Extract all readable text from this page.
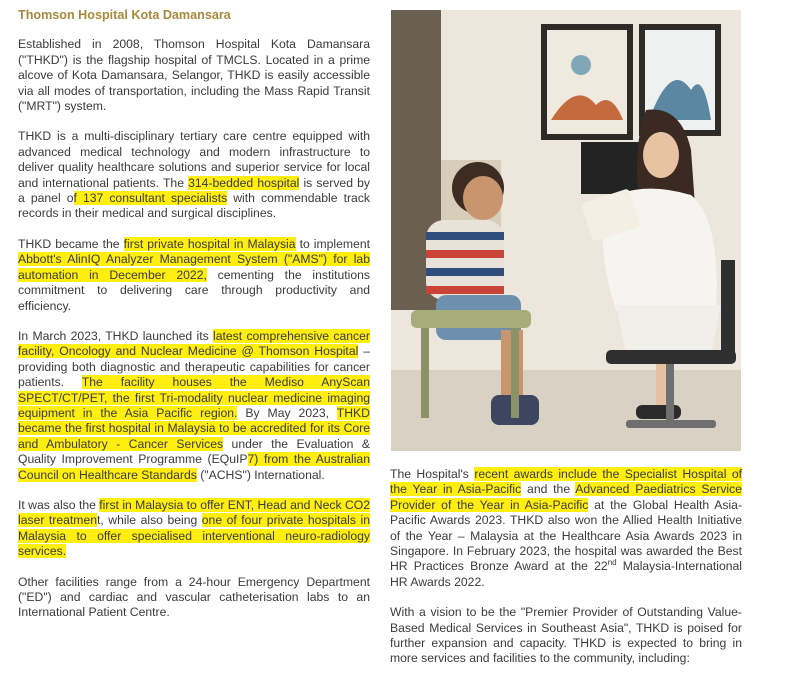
Thomson Hospital Kota Damansara

Established in 2008, Thomson Hospital Kota Damansara ("THKD") is the flagship hospital of TMCLS. Located in a prime alcove of Kota Damansara, Selangor, THKD is easily accessible via all modes of transportation, including the Mass Rapid Transit ("MRT") system.

THKD is a multi-disciplinary tertiary care centre equipped with advanced medical technology and modern infrastructure to deliver quality healthcare solutions and superior service for local and international patients. The 314-bedded hospital is served by a panel of 137 consultant specialists with commendable track records in their medical and surgical disciplines.

THKD became the first private hospital in Malaysia to implement Abbott's AlinIQ Analyzer Management System ("AMS") for lab automation in December 2022, cementing the institutions commitment to delivering care through productivity and efficiency.

In March 2023, THKD launched its latest comprehensive cancer facility, Oncology and Nuclear Medicine @ Thomson Hospital – providing both diagnostic and therapeutic capabilities for cancer patients. The facility houses the Mediso AnyScan SPECT/CT/PET, the first Tri-modality nuclear medicine imaging equipment in the Asia Pacific region. By May 2023, THKD became the first hospital in Malaysia to be accredited for its Core and Ambulatory - Cancer Services under the Evaluation & Quality Improvement Programme (EQuIP7) from the Australian Council on Healthcare Standards ("ACHS") International.

It was also the first in Malaysia to offer ENT, Head and Neck CO2 laser treatment, while also being one of four private hospitals in Malaysia to offer specialised interventional neuro-radiology services.

Other facilities range from a 24-hour Emergency Department ("ED") and cardiac and vascular catheterisation labs to an International Patient Centre.

The Hospital's recent awards include the Specialist Hospital of the Year in Asia-Pacific and the Advanced Paediatrics Service Provider of the Year in Asia-Pacific at the Global Health Asia-Pacific Awards 2023. THKD also won the Allied Health Initiative of the Year – Malaysia at the Healthcare Asia Awards 2023 in Singapore. In February 2023, the hospital was awarded the Best HR Practices Bronze Award at the 22nd Malaysia-International HR Awards 2022.

With a vision to be the "Premier Provider of Outstanding Value-Based Medical Services in Southeast Asia", THKD is poised for further expansion and capacity. THKD is expected to bring in more services and facilities to the community, including:
